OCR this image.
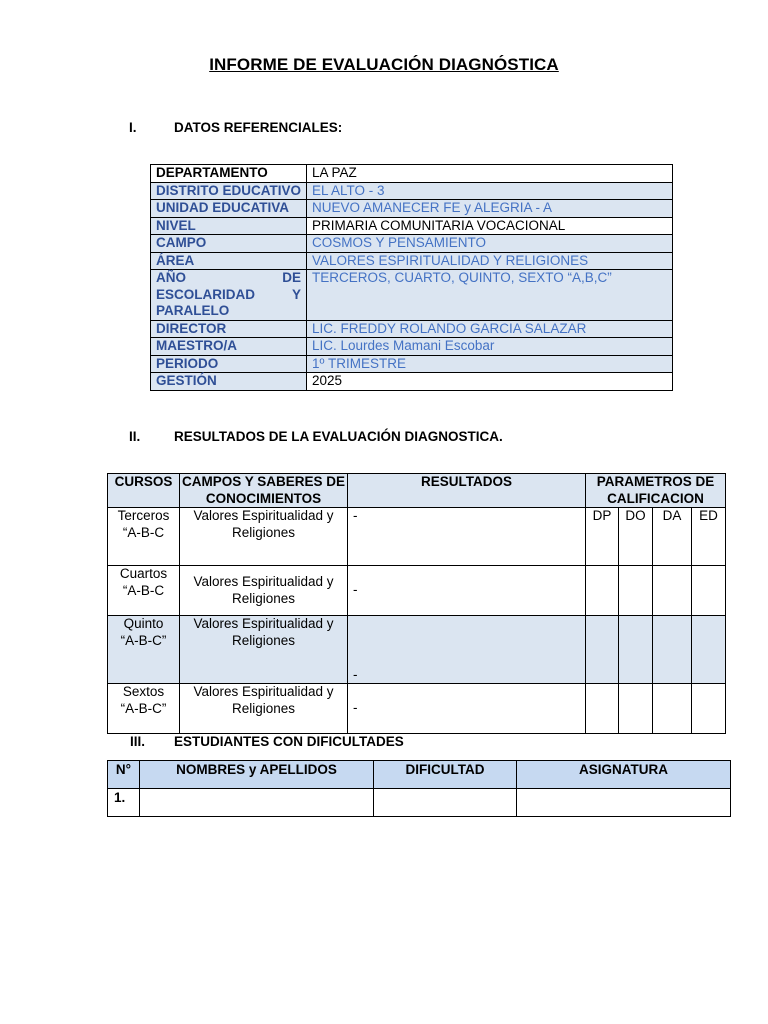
INFORME DE EVALUACIÓN DIAGNÓSTICA
I.	DATOS REFERENCIALES:
DEPARTAMENTO	LA PAZ
DISTRITO EDUCATIVO	EL ALTO - 3
UNIDAD EDUCATIVA	NUEVO AMANECER FE y ALEGRIA - A
NIVEL	PRIMARIA COMUNITARIA VOCACIONAL
CAMPO	COSMOS Y PENSAMIENTO
ÁREA	VALORES ESPIRITUALIDAD Y RELIGIONES

AÑO DE
ESCOLARIDAD Y
PARALELO	TERCEROS, CUARTO, QUINTO, SEXTO “A,B,C”
DIRECTOR	LIC. FREDDY ROLANDO GARCIA SALAZAR
MAESTRO/A	LIC. Lourdes Mamani Escobar
PERIODO	1º TRIMESTRE
GESTIÓN	2025
II. RESULTADOS DE LA EVALUACIÓN DIAGNOSTICA.
CURSOS	CAMPOS Y SABERES DE CONOCIMIENTOS	RESULTADOS	PARAMETROS DE CALIFICACION			

Terceros
“A-B-C	Valores Espiritualidad y Religiones	-	DP	DO	DA	ED

Cuartos
“A-B-C	Valores Espiritualidad y Religiones	-				

Quinto
“A-B-C”	Valores Espiritualidad y Religiones	-				

Sextos
“A-B-C”	Valores Espiritualidad y Religiones	-				
III. ESTUDIANTES CON DIFICULTADES
N°	NOMBRES y APELLIDOS	DIFICULTAD	ASIGNATURA
1.			
